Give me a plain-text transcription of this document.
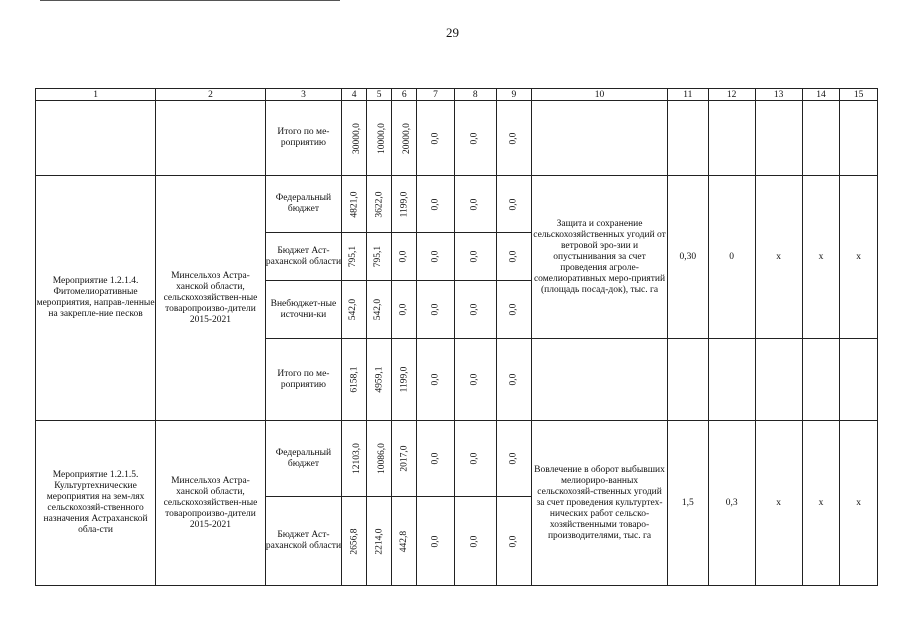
29
1	2	3	4	5	6	7	8	9	10	11	12	13	14	15
		Итого по ме-роприятию	30000,0	10000,0	20000,0	0,0	0,0	0,0						
Мероприятие 1.2.1.4. Фитомелиоративные мероприятия, направ-ленные на закрепле-ние песков	Минсельхоз Астра-ханской области, сельскохозяйствен-ные товаропроизво-дители 2015-2021	Федеральный бюджет	4821,0	3622,0	1199,0	0,0	0,0	0,0	Защита и сохранение сельскохозяйственных угодий от ветровой эро-зии и опустынивания за счет проведения агролe-сомелиоративных меро-приятий (площадь посад-док), тыс. га	0,30	0	x	x	x
		Бюджет Аст-раханской области	795,1	795,1	0,0	0,0	0,0	0,0						
		Внебюджет-ные источни-ки	542,0	542,0	0,0	0,0	0,0	0,0						
		Итого по ме-роприятию	6158,1	4959,1	1199,0	0,0	0,0	0,0						
Мероприятие 1.2.1.5. Культуртехнические мероприятия на зем-лях сельскохозяй-ственного назначения Астраханской обла-сти	Минсельхоз Астра-ханской области, сельскохозяйствен-ные товаропроизво-дители 2015-2021	Федеральный бюджет	12103,0	10086,0	2017,0	0,0	0,0	0,0	Вовлечение в оборот выбывших мелиориро-ванных сельскохозяй-ственных угодий за счет проведения культуртех-нических работ сельско-хозяйственными товаро-производителями, тыс. га	1,5	0,3	x	x	x
		Бюджет Аст-раханской области	2656,8	2214,0	442,8	0,0	0,0	0,0						
